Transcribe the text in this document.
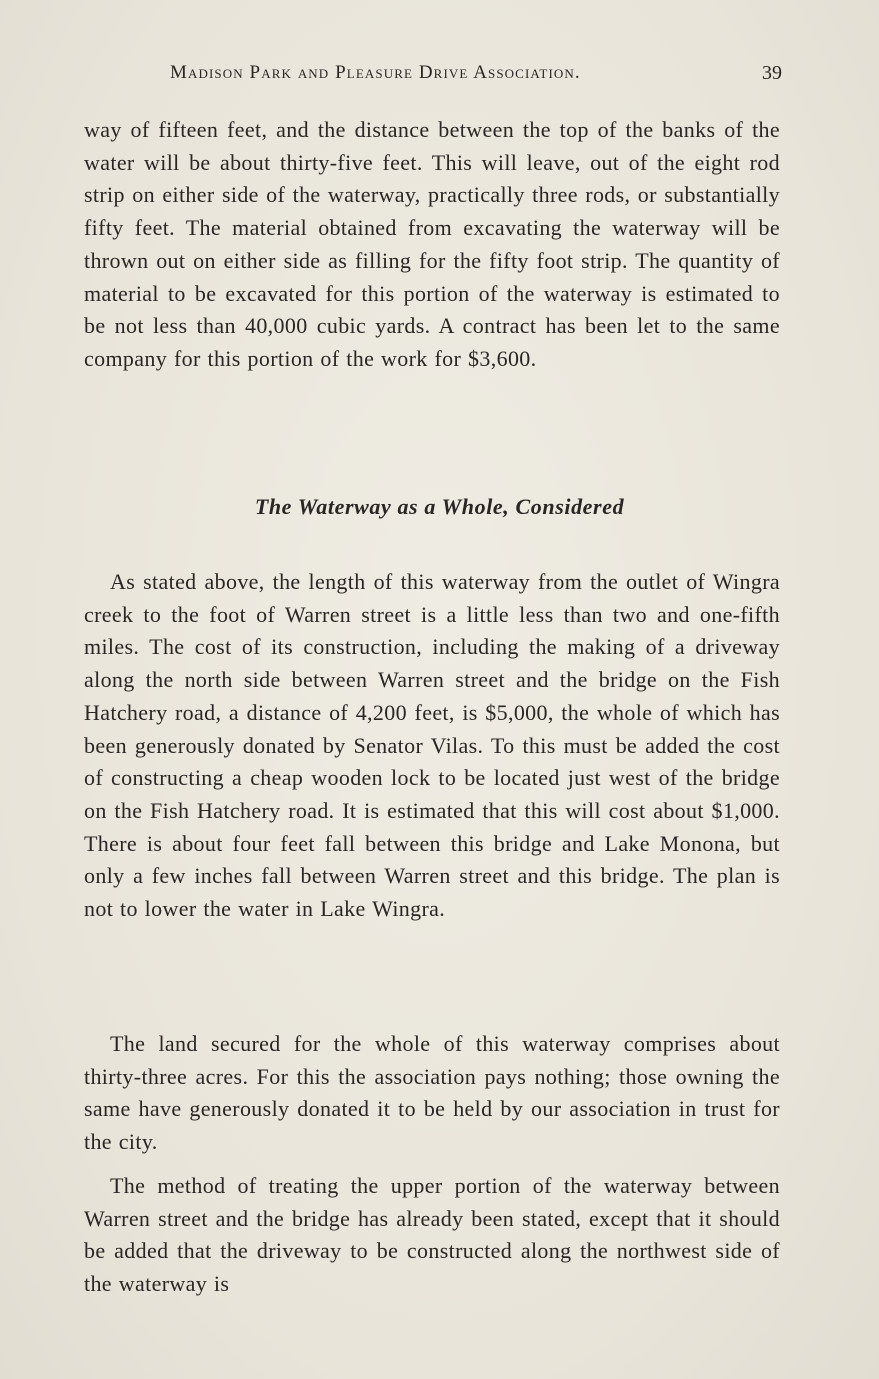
Madison Park and Pleasure Drive Association.	39

way of fifteen feet, and the distance between the top of the banks of the water will be about thirty-five feet. This will leave, out of the eight rod strip on either side of the waterway, practically three rods, or substantially fifty feet. The material obtained from excavating the waterway will be thrown out on either side as filling for the fifty foot strip. The quantity of material to be excavated for this portion of the waterway is estimated to be not less than 40,000 cubic yards. A contract has been let to the same company for this portion of the work for $3,600.

The Waterway as a Whole, Considered

As stated above, the length of this waterway from the outlet of Wingra creek to the foot of Warren street is a little less than two and one-fifth miles. The cost of its construction, including the making of a driveway along the north side between Warren street and the bridge on the Fish Hatchery road, a distance of 4,200 feet, is $5,000, the whole of which has been generously donated by Senator Vilas. To this must be added the cost of constructing a cheap wooden lock to be located just west of the bridge on the Fish Hatchery road. It is estimated that this will cost about $1,000. There is about four feet fall between this bridge and Lake Monona, but only a few inches fall between Warren street and this bridge. The plan is not to lower the water in Lake Wingra.

The land secured for the whole of this waterway comprises about thirty-three acres. For this the association pays nothing; those owning the same have generously donated it to be held by our association in trust for the city.

The method of treating the upper portion of the waterway between Warren street and the bridge has already been stated, except that it should be added that the driveway to be constructed along the northwest side of the waterway is
